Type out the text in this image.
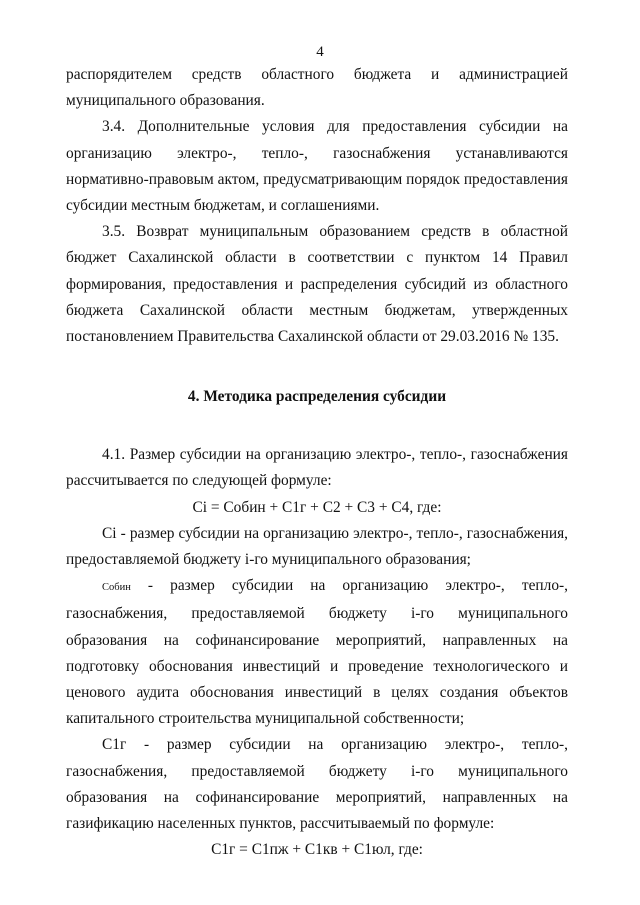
4

распорядителем средств областного бюджета и администрацией муниципального образования.

3.4. Дополнительные условия для предоставления субсидии на организацию электро-, тепло-, газоснабжения устанавливаются нормативно-правовым актом, предусматривающим порядок предоставления субсидии местным бюджетам, и соглашениями.

3.5. Возврат муниципальным образованием средств в областной бюджет Сахалинской области в соответствии с пунктом 14 Правил формирования, предоставления и распределения субсидий из областного бюджета Сахалинской области местным бюджетам, утвержденных постановлением Правительства Сахалинской области от 29.03.2016 № 135.

4. Методика распределения субсидии

4.1. Размер субсидии на организацию электро-, тепло-, газоснабжения рассчитывается по следующей формуле:

Ci = Cобин + C1г + C2 + C3 + C4, где:

Ci - размер субсидии на организацию электро-, тепло-, газоснабжения, предоставляемой бюджету i-го муниципального образования;

Cобин - размер субсидии на организацию электро-, тепло-, газоснабжения, предоставляемой бюджету i-го муниципального образования на софинансирование мероприятий, направленных на подготовку обоснования инвестиций и проведение технологического и ценового аудита обоснования инвестиций в целях создания объектов капитального строительства муниципальной собственности;

C1г - размер субсидии на организацию электро-, тепло-, газоснабжения, предоставляемой бюджету i-го муниципального образования на софинансирование мероприятий, направленных на газификацию населенных пунктов, рассчитываемый по формуле:

C1г = C1пж + C1кв + C1юл, где:
